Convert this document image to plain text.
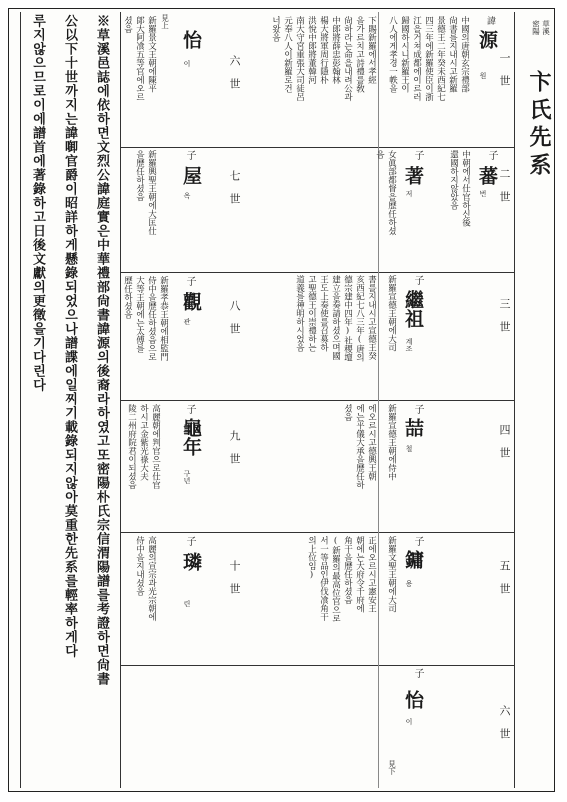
草溪
密陽
卞氏
先系
一世
二世
三世
四世
五世
六世
諱
源
원
中國의唐朝玄宗禮部
尙書를지내시고新羅
景德王二年癸未西紀七
四三年에新羅使臣이浙
江을거쳐成都에이르러
歸國하시니新羅王이
八人에게孝경一帙을
下賜新羅에서孝經
을가르치고詩禮를敎
尙하라는命을내려公과
中郞將薛忠彭翰林
楊大將軍周行隱朴
洪悅中郞將董韓河
南大守宮重張大司徒呂
元奉八人이新羅로건
너왔음
子
蕃
번
中朝에서仕官하신後
還國하지않았음
子
著
저
女眞部都督을歷任하셨
음
子
繼祖
계조
新羅宣德王朝에大司
書를지내시고宣德王癸
亥西紀七八三年(唐의
德宗建中四年)社稷壇
建立을奏請하셨으며國
王도上奏使를召募하
고聖德王이崇禮하는
道義를神明하시었음
子
喆
철
新羅宣德王朝에侍中
에오르시고德興王朝
에는平儀大承을歷任하
셨음
子
鏞
용
新羅文聖王朝에大司
正에오르시고憲安王
朝에는大府令千府에
角干을歷任하셨음
(新羅의最高位官으로
서一等品인伊伐飡角干
의上位임)
子
怡
이
見下
六世
七世
八世
九世
十世
見上
怡
이
新羅景文王朝에陳平
郞大阿飡五等官에오르
셨음
子
屋
옥
新羅興聖王朝에大匡仕
을歷任하셨음
子
觀
관
新羅孝恭王朝에相監門
侍中을歷任하셨음으로
大等王朝에는太傅를
歷任하셨음
子
龜年
구년
高麗朝에判官으로仕官
하시고金紫光祿大夫
陵二州府院君이되셨음
子
璘
린
高麗의宣宗과光宗朝에
侍中을지내셨음
※草溪邑誌에依하면文烈公諱庭實은中華禮部尙書諱源의後裔라하였고또密陽朴氏宗信渭陽譜를考證하면尙書
公以下十世까지는諱啣官爵이昭詳하게懸錄되었으나譜諜에일찌기載錄되지않아莫重한先系를輕率하게다
루지않으므로이에譜首에著錄하고日後文獻의更徵을기다린다
